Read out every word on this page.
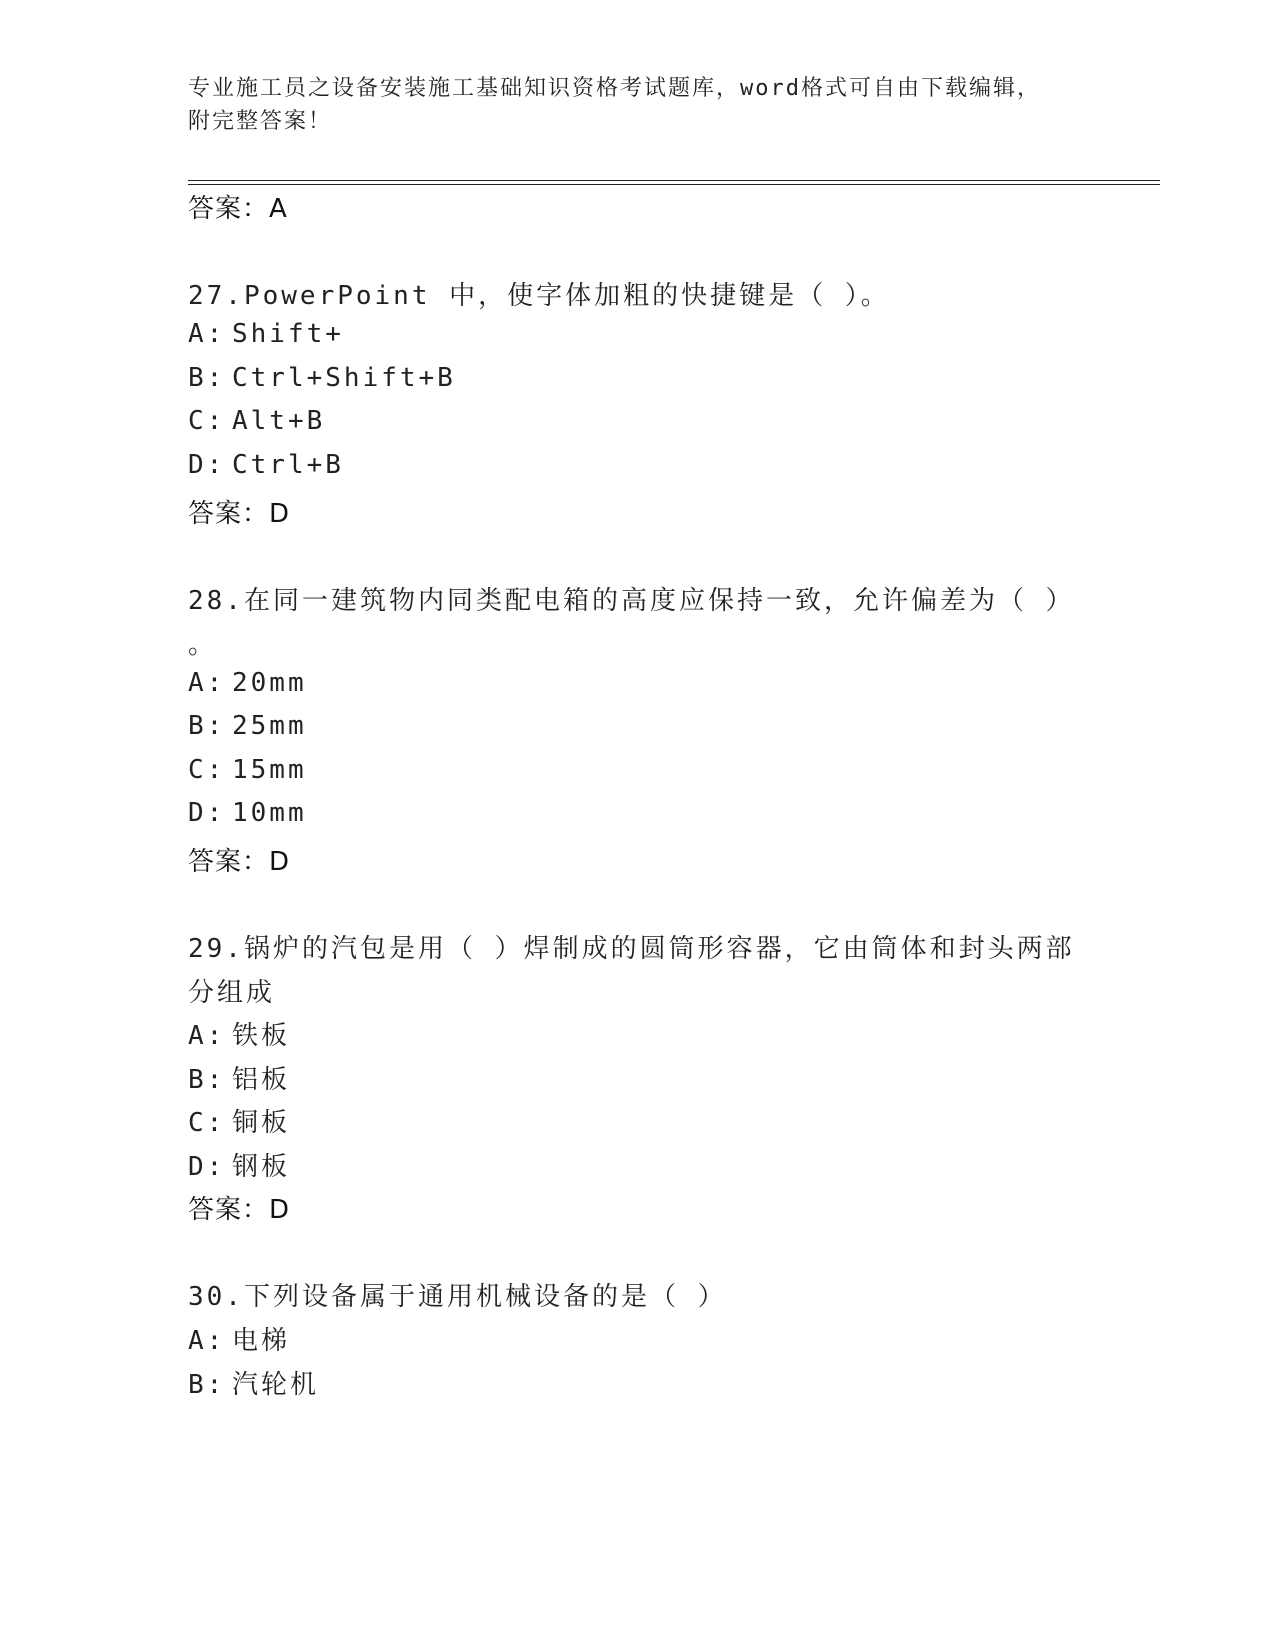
专业施工员之设备安装施工基础知识资格考试题库，word格式可自由下载编辑，
附完整答案！
答案：A
27.PowerPoint 中，使字体加粗的快捷键是（ ）。
A: Shift+
B: Ctrl+Shift+B
C: Alt+B
D: Ctrl+B
答案：D
28.在同一建筑物内同类配电箱的高度应保持一致，允许偏差为（ ）
。
A: 20mm
B: 25mm
C: 15mm
D: 10mm
答案：D
29.锅炉的汽包是用（ ）焊制成的圆筒形容器，它由筒体和封头两部
分组成
A: 铁板
B: 铝板
C: 铜板
D: 钢板
答案：D
30.下列设备属于通用机械设备的是（ ）
A: 电梯
B: 汽轮机
